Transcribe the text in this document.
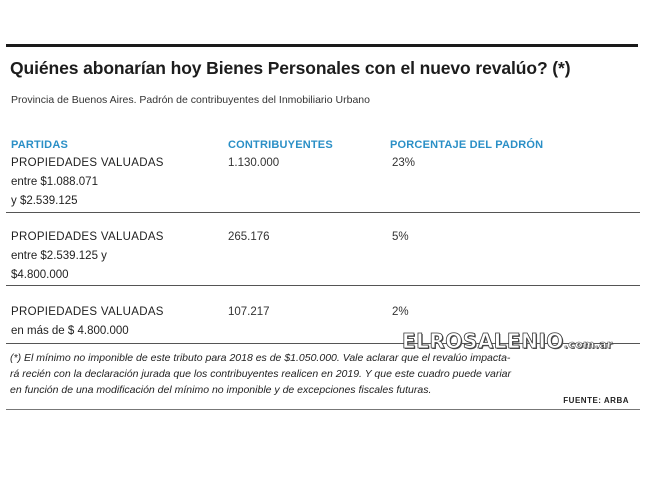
Quiénes abonarían hoy Bienes Personales con el nuevo revalúo? (*)
Provincia de Buenos Aires. Padrón de contribuyentes del Inmobiliario Urbano
PARTIDAS	CONTRIBUYENTES	PORCENTAJE DEL PADRÓN
PROPIEDADES VALUADAS
entre $1.088.071
y $2.539.125
1.130.000	23%
PROPIEDADES VALUADAS
entre $2.539.125 y
$4.800.000
265.176	5%
PROPIEDADES VALUADAS
en más de $ 4.800.000
107.217	2%
(*) El mínimo no imponible de este tributo para 2018 es de $1.050.000. Vale aclarar que el revalúo impacta-
rá recién con la declaración jurada que los contribuyentes realicen en 2019. Y que este cuadro puede variar
en función de una modificación del mínimo no imponible y de excepciones fiscales futuras.
FUENTE: ARBA
ELROSALENIO.com.ar
